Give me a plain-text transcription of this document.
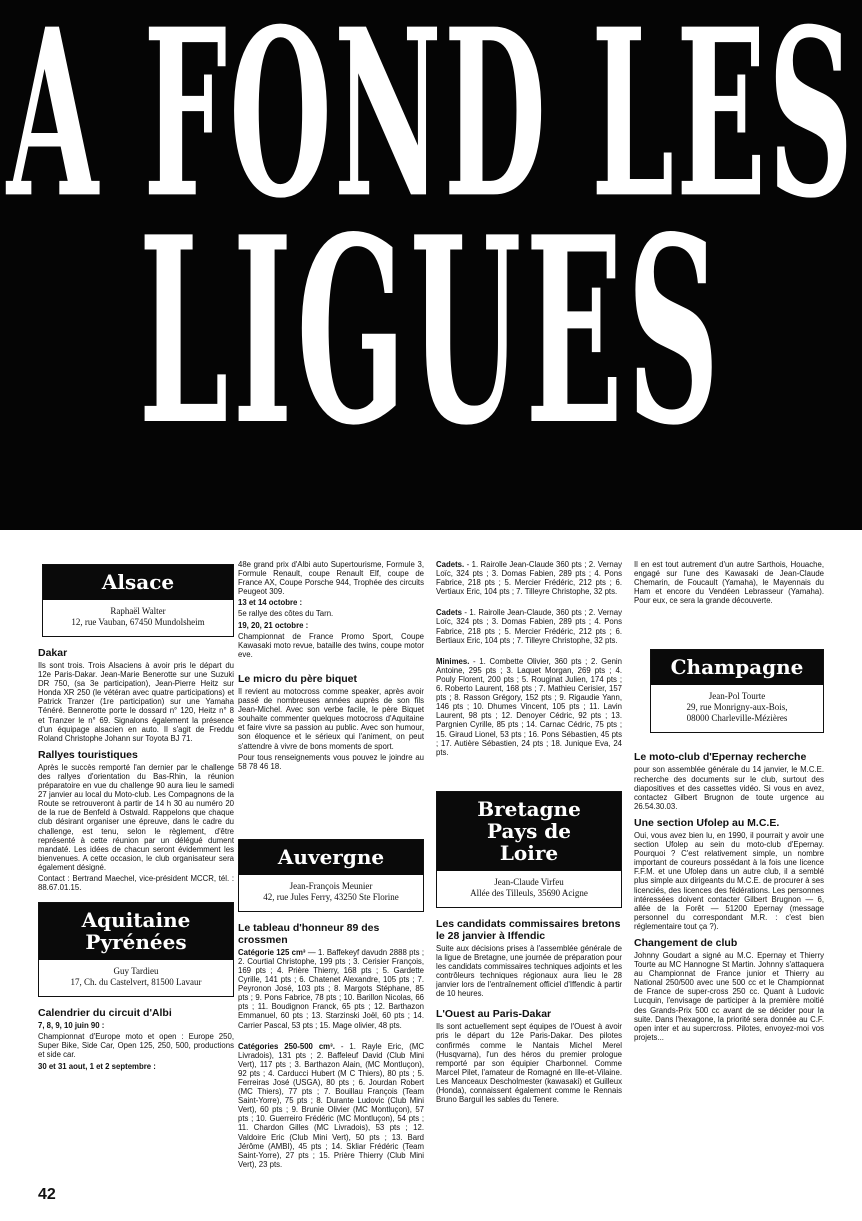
A FOND LES
LIGUES
Alsace
Raphaël Walter
12, rue Vauban, 67450 Mundolsheim
Dakar

Ils sont trois. Trois Alsaciens à avoir pris le départ du 12e Paris-Dakar. Jean-Marie Benerotte sur une Suzuki DR 750, (sa 3e participation), Jean-Pierre Heitz sur Honda XR 250 (le vétéran avec quatre participations) et Patrick Tranzer (1re participation) sur une Yamaha Ténéré. Bennerotte porte le dossard n° 120, Heitz n° 8 et Tranzer le n° 69. Signalons également la présence d'un équipage alsacien en auto. Il s'agit de Freddu Roland Christophe Johann sur Toyota BJ 71.

Rallyes touristiques

Après le succès remporté l'an dernier par le challenge des rallyes d'orientation du Bas-Rhin, la réunion préparatoire en vue du challenge 90 aura lieu le samedi 27 janvier au local du Moto-club. Les Compagnons de la Route se retrouveront à partir de 14 h 30 au numéro 20 de la rue de Benfeld à Ostwald. Rappelons que chaque club désirant organiser une épreuve, dans le cadre du challenge, est tenu, selon le règlement, d'être représenté à cette réunion par un délégué dument mandaté. Les idées de chacun seront évidemment les bienvenues. A cette occasion, le club organisateur sera également désigné.

Contact : Bertrand Maechel, vice-président MCCR, tél. : 88.67.01.15.

Aquitaine Pyrénées
Guy Tardieu
17, Ch. du Castelvert, 81500 Lavaur
Calendrier du circuit d'Albi

7, 8, 9, 10 juin 90 :

Championnat d'Europe moto et open : Europe 250, Super Bike, Side Car, Open 125, 250, 500, productions et side car.

30 et 31 aout, 1 et 2 septembre :

48e grand prix d'Albi auto Supertourisme, Formule 3, Formule Renault, coupe Renault Elf, coupe de France AX, Coupe Porsche 944, Trophée des circuits Peugeot 309.

13 et 14 octobre :

5e rallye des côtes du Tarn.

19, 20, 21 octobre :

Championnat de France Promo Sport, Coupe Kawasaki moto revue, bataille des twins, coupe motor eve.

Le micro du père biquet

Il revient au motocross comme speaker, après avoir passé de nombreuses années auprès de son fils Jean-Michel. Avec son verbe facile, le père Biquet souhaite commenter quelques motocross d'Aquitaine et faire vivre sa passion au public. Avec son humour, son éloquence et le sérieux qui l'animent, on peut s'attendre à vivre de bons moments de sport.

Pour tous renseignements vous pouvez le joindre au 58 78 46 18.

Auvergne
Jean-François Meunier
42, rue Jules Ferry, 43250 Ste Florine
Le tableau d'honneur 89 des crossmen

Catégorie 125 cm³ — 1. Baffekeyf davudn 2888 pts ; 2. Courtial Christophe, 199 pts ; 3. Cerisier François, 169 pts ; 4. Prière Thierry, 168 pts ; 5. Gardette Cyrille, 141 pts ; 6. Chatenet Alexandre, 105 pts ; 7. Peyronon José, 103 pts ; 8. Margots Stéphane, 85 pts ; 9. Pons Fabrice, 78 pts ; 10. Barillon Nicolas, 66 pts ; 11. Boudignon Franck, 65 pts ; 12. Barthazon Emmanuel, 60 pts ; 13. Starzinski Joël, 60 pts ; 14. Carrier Pascal, 53 pts ; 15. Mage olivier, 48 pts.

Catégories 250-500 cm³. - 1. Rayle Eric, (MC Livradois), 131 pts ; 2. Baffeleuf David (Club Mini Vert), 117 pts ; 3. Barthazon Alain, (MC Montluçon), 92 pts ; 4. Carducci Hubert (M C Thiers), 80 pts ; 5. Ferreiras José (USGA), 80 pts ; 6. Jourdan Robert (MC Thiers), 77 pts ; 7. Bouillau François (Team Saint-Yorre), 75 pts ; 8. Durante Ludovic (Club Mini Vert), 60 pts ; 9. Brunie Olivier (MC Montluçon), 57 pts ; 10. Guerreiro Frédéric (MC Montluçon), 54 pts ; 11. Chardon Gilles (MC Livradois), 53 pts ; 12. Valdoire Eric (Club Mini Vert), 50 pts ; 13. Bard Jérôme (AMBI), 45 pts ; 14. Skliar Frédéric (Team Saint-Yorre), 27 pts ; 15. Prière Thierry (Club Mini Vert), 23 pts.

Cadets. - 1. Rairolle Jean-Claude 360 pts ; 2. Vernay Loïc, 324 pts ; 3. Domas Fabien, 289 pts ; 4. Pons Fabrice, 218 pts ; 5. Mercier Frédéric, 212 pts ; 6. Vertiaux Eric, 104 pts ; 7. Tilleyre Christophe, 32 pts.

Cadets - 1. Rairolle Jean-Claude, 360 pts ; 2. Vernay Loïc, 324 pts ; 3. Domas Fabien, 289 pts ; 4. Pons Fabrice, 218 pts ; 5. Mercier Frédéric, 212 pts ; 6. Bertiaux Eric, 104 pts ; 7. Tilleyre Christophe, 32 pts.

Minimes. - 1. Combette Olivier, 360 pts ; 2. Genin Antoine, 295 pts ; 3. Laquet Morgan, 269 pts ; 4. Pouly Florent, 200 pts ; 5. Rouginat Julien, 174 pts ; 6. Roberto Laurent, 168 pts ; 7. Mathieu Cerisier, 157 pts ; 8. Rasson Grégory, 152 pts ; 9. Rigaudie Yann, 146 pts ; 10. Dhumes Vincent, 105 pts ; 11. Lavin Laurent, 98 pts ; 12. Denoyer Cédric, 92 pts ; 13. Pargnien Cyrille, 85 pts ; 14. Carnac Cédric, 75 pts ; 15. Giraud Lionel, 53 pts ; 16. Pons Sébastien, 45 pts ; 17. Autière Sébastien, 24 pts ; 18. Junique Eva, 24 pts.

Bretagne Pays de Loire
Jean-Claude Virfeu
Allée des Tilleuls, 35690 Acigne
Les candidats commissaires bretons le 28 janvier à Iffendic

Suite aux décisions prises à l'assemblée générale de la ligue de Bretagne, une journée de préparation pour les candidats commissaires techniques adjoints et les contrôleurs techniques régionaux aura lieu le 28 janvier lors de l'entraînement officiel d'Iffendic à partir de 10 heures.

L'Ouest au Paris-Dakar

Ils sont actuellement sept équipes de l'Ouest à avoir pris le départ du 12e Paris-Dakar. Des pilotes confirmés comme le Nantais Michel Merel (Husqvarna), l'un des héros du premier prologue remporté par son équipier Charbonnel. Comme Marcel Pilet, l'amateur de Romagné en Ille-et-Vilaine. Les Manceaux Descholmester (kawasaki) et Guilleux (Honda), connaissent également comme le Rennais Bruno Barguil les sables du Tenere.

Il en est tout autrement d'un autre Sarthois, Houache, engagé sur l'une des Kawasaki de Jean-Claude Chemarin, de Foucault (Yamaha), le Mayennais du Ham et encore du Vendéen Lebrasseur (Yamaha). Pour eux, ce sera la grande découverte.

Champagne
Jean-Pol Tourte
29, rue Monrigny-aux-Bois,
08000 Charleville-Mézières
Le moto-club d'Epernay recherche

pour son assemblée générale du 14 janvier, le M.C.E. recherche des documents sur le club, surtout des diapositives et des cassettes vidéo. Si vous en avez, contactez Gilbert Brugnon de toute urgence au 26.54.30.03.

Une section Ufolep au M.C.E.

Oui, vous avez bien lu, en 1990, il pourrait y avoir une section Ufolep au sein du moto-club d'Epernay. Pourquoi ? C'est relativement simple, un nombre important de coureurs possédant à la fois une licence F.F.M. et une Ufolep dans un autre club, il a semblé plus simple aux dirigeants du M.C.E. de procurer à ses licenciés, des licences des fédérations. Les personnes intéressées doivent contacter Gilbert Brugnon — 6, allée de la Forêt — 51200 Epernay (message personnel du correspondant M.R. : c'est bien réglementaire tout ça ?).

Changement de club

Johnny Goudart a signé au M.C. Epernay et Thierry Tourte au MC Hannogne St Martin. Johnny s'attaquera au Championnat de France junior et Thierry au National 250/500 avec une 500 cc et le Championnat de France de super-cross 250 cc. Quant à Ludovic Lucquin, l'envisage de participer à la première moitié des Grands-Prix 500 cc avant de se décider pour la suite. Dans l'hexagone, la priorité sera donnée au C.F. open inter et au supercross. Pilotes, envoyez-moi vos projets...

42
